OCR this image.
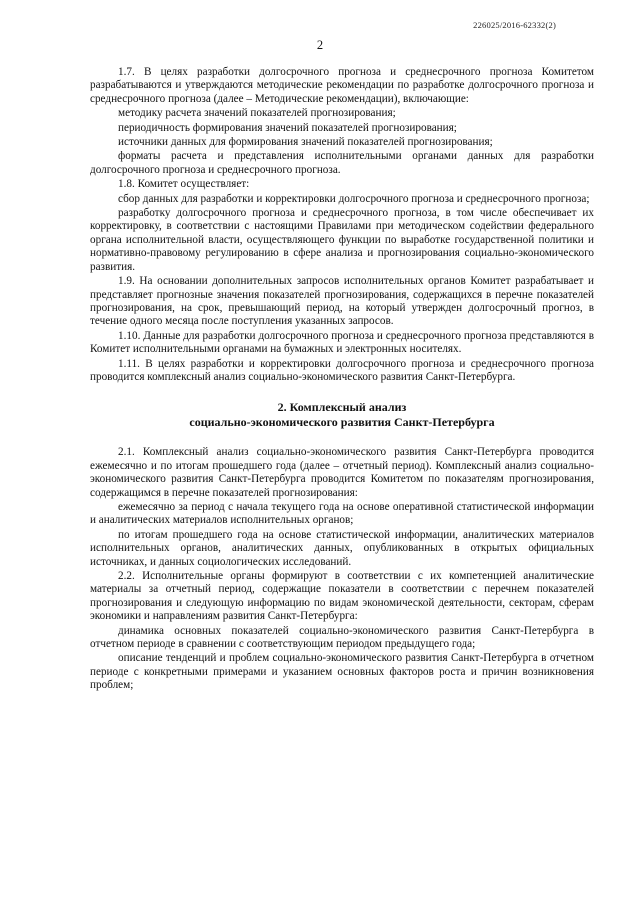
226025/2016-62332(2)
2

1.7. В целях разработки долгосрочного прогноза и среднесрочного прогноза Комитетом разрабатываются и утверждаются методические рекомендации по разработке долгосрочного прогноза и среднесрочного прогноза (далее – Методические рекомендации), включающие:

методику расчета значений показателей прогнозирования;

периодичность формирования значений показателей прогнозирования;

источники данных для формирования значений показателей прогнозирования;

форматы расчета и представления исполнительными органами данных для разработки долгосрочного прогноза и среднесрочного прогноза.

1.8. Комитет осуществляет:

сбор данных для разработки и корректировки долгосрочного прогноза и среднесрочного прогноза;

разработку долгосрочного прогноза и среднесрочного прогноза, в том числе обеспечивает их корректировку, в соответствии с настоящими Правилами при методическом содействии федерального органа исполнительной власти, осуществляющего функции по выработке государственной политики и нормативно-правовому регулированию в сфере анализа и прогнозирования социально-экономического развития.

1.9. На основании дополнительных запросов исполнительных органов Комитет разрабатывает и представляет прогнозные значения показателей прогнозирования, содержащихся в перечне показателей прогнозирования, на срок, превышающий период, на который утвержден долгосрочный прогноз, в течение одного месяца после поступления указанных запросов.

1.10. Данные для разработки долгосрочного прогноза и среднесрочного прогноза представляются в Комитет исполнительными органами на бумажных и электронных носителях.

1.11. В целях разработки и корректировки долгосрочного прогноза и среднесрочного прогноза проводится комплексный анализ социально-экономического развития Санкт-Петербурга.

2. Комплексный анализ
социально-экономического развития Санкт-Петербурга

2.1. Комплексный анализ социально-экономического развития Санкт-Петербурга проводится ежемесячно и по итогам прошедшего года (далее – отчетный период). Комплексный анализ социально-экономического развития Санкт-Петербурга проводится Комитетом по показателям прогнозирования, содержащимся в перечне показателей прогнозирования:

ежемесячно за период с начала текущего года на основе оперативной статистической информации и аналитических материалов исполнительных органов;

по итогам прошедшего года на основе статистической информации, аналитических материалов исполнительных органов, аналитических данных, опубликованных в открытых официальных источниках, и данных социологических исследований.

2.2. Исполнительные органы формируют в соответствии с их компетенцией аналитические материалы за отчетный период, содержащие показатели в соответствии с перечнем показателей прогнозирования и следующую информацию по видам экономической деятельности, секторам, сферам экономики и направлениям развития Санкт-Петербурга:

динамика основных показателей социально-экономического развития Санкт-Петербурга в отчетном периоде в сравнении с соответствующим периодом предыдущего года;

описание тенденций и проблем социально-экономического развития Санкт-Петербурга в отчетном периоде с конкретными примерами и указанием основных факторов роста и причин возникновения проблем;
